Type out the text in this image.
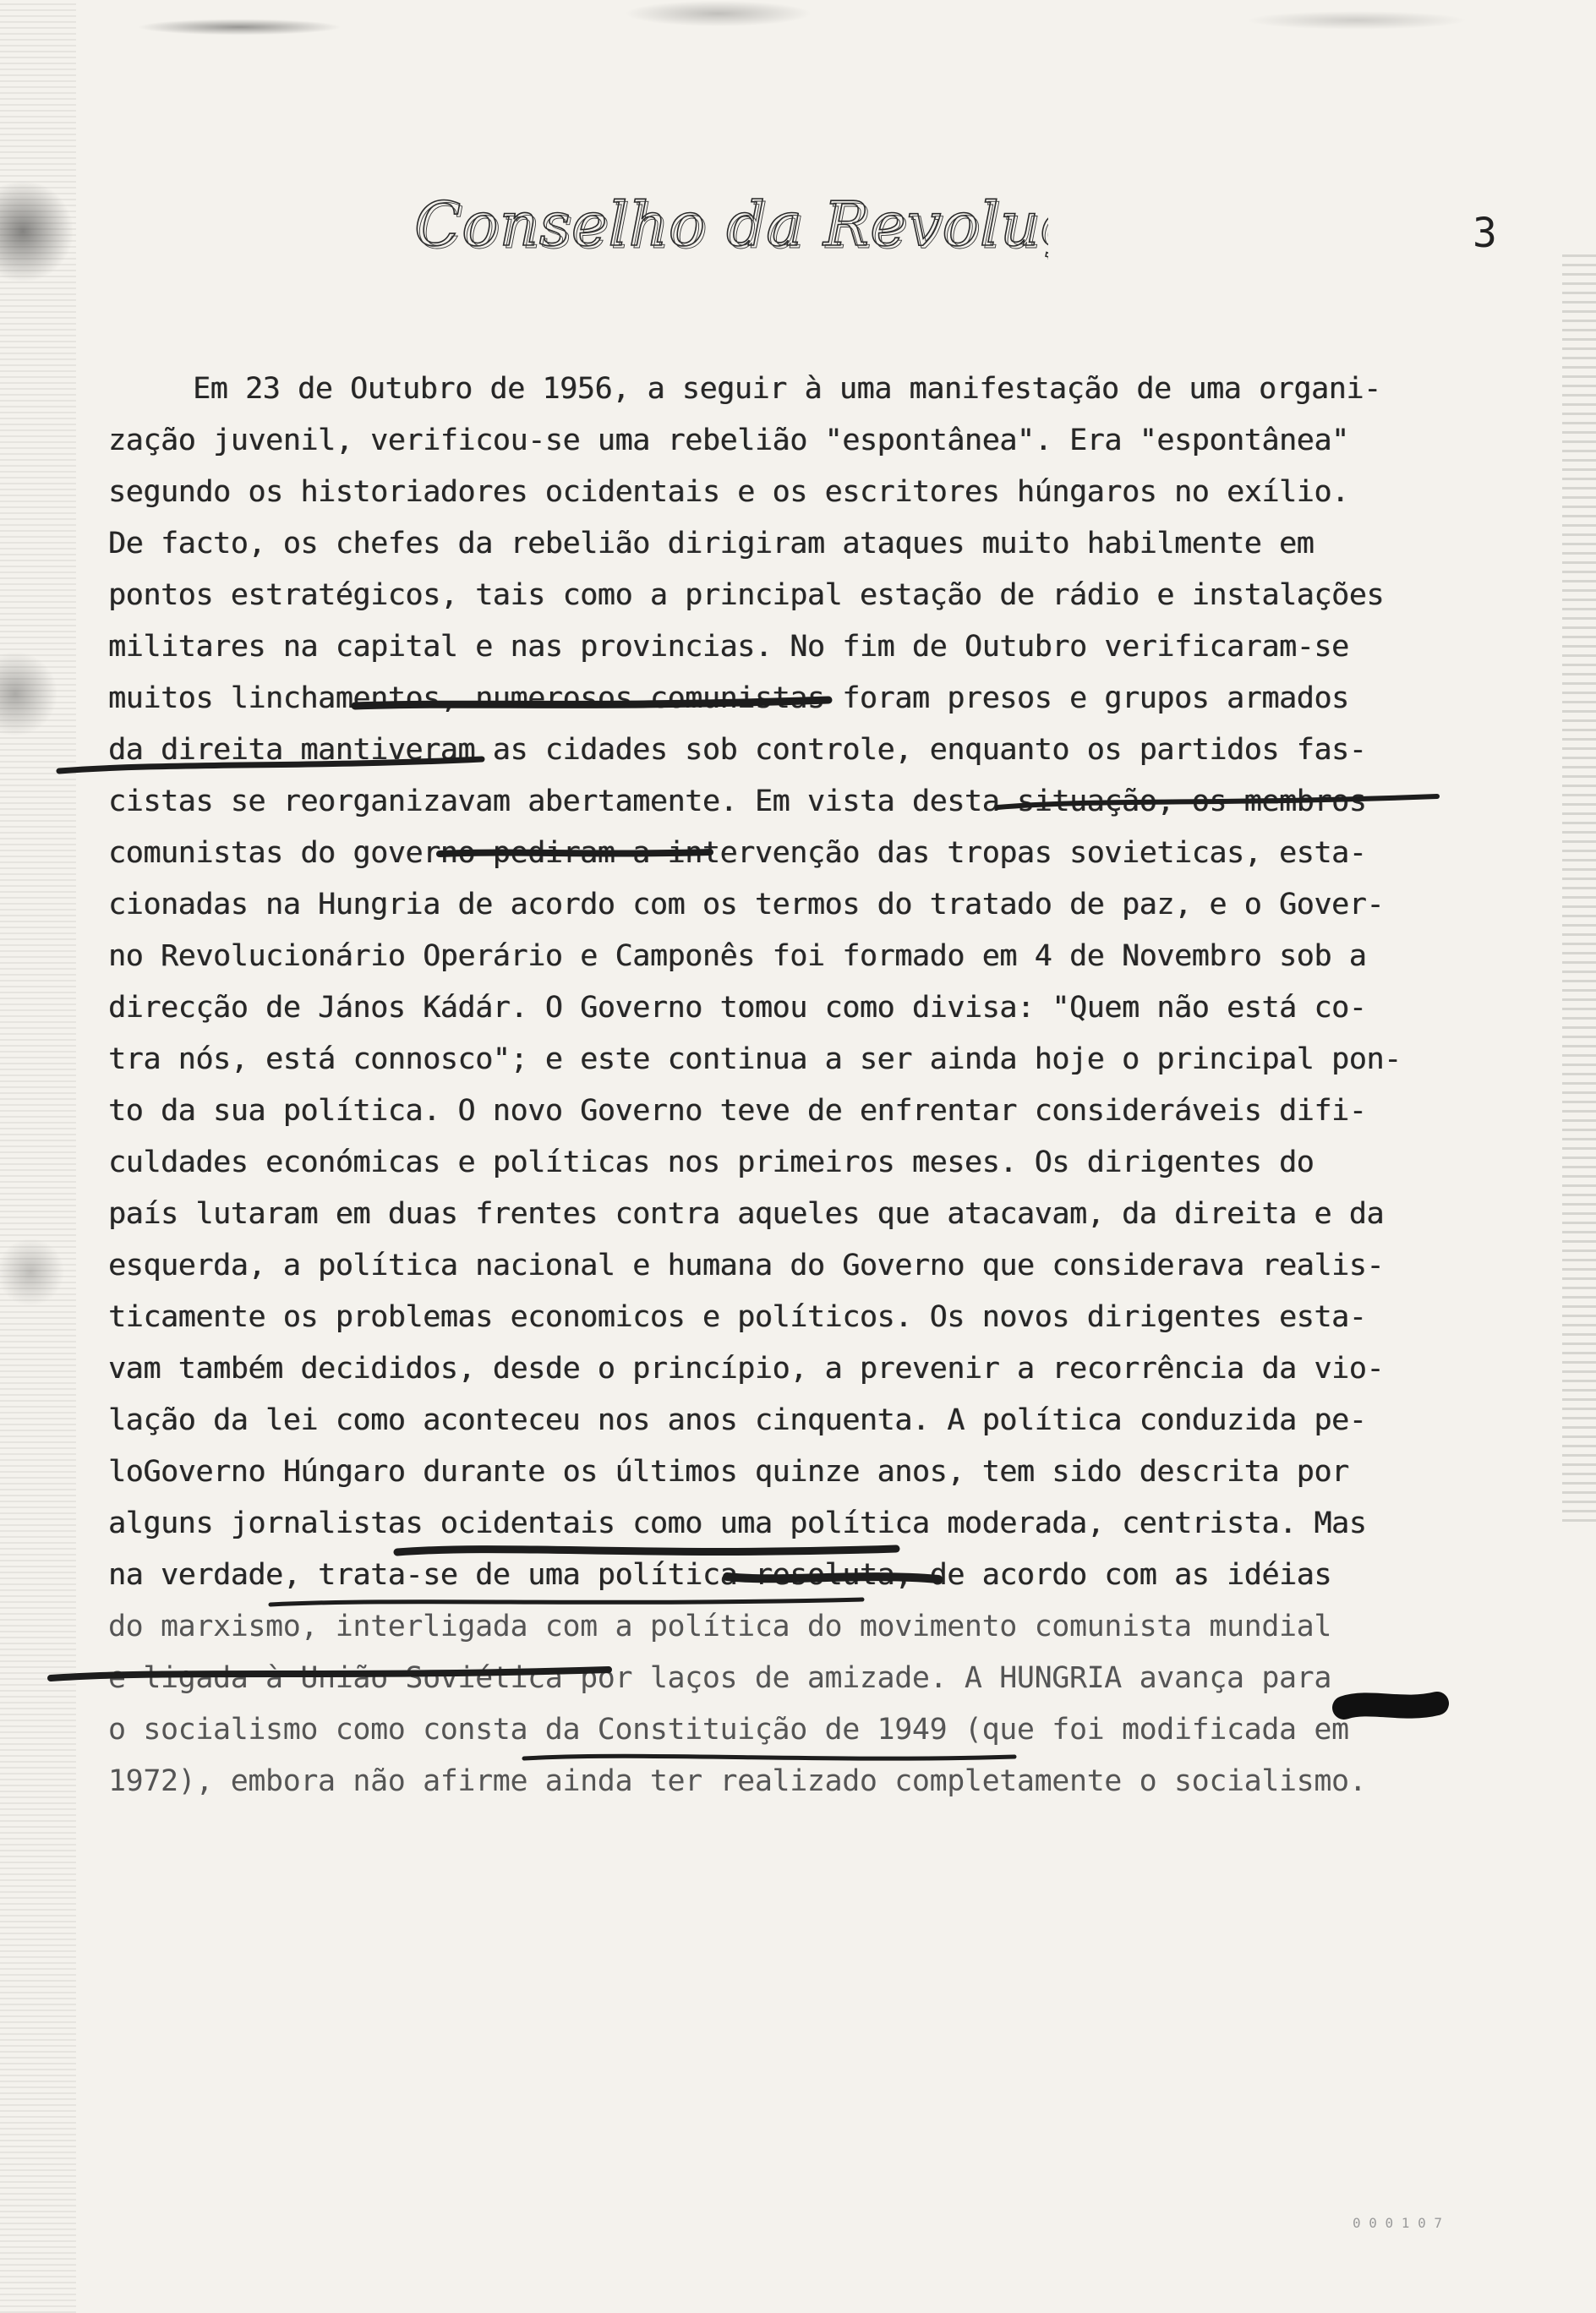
Conselho da Revolu
Conselho da Revolu	3
Em 23 de Outubro de 1956, a seguir à uma manifestação de uma organi-
zação juvenil, verificou-se uma rebelião "espontânea". Era "espontânea"
segundo os historiadores ocidentais e os escritores húngaros no exílio.
De facto, os chefes da rebelião dirigiram ataques muito habilmente em
pontos estratégicos, tais como a principal estação de rádio e instalações
militares na capital e nas provincias. No fim de Outubro verificaram-se
muitos linchamentos, numerosos comunistas foram presos e grupos armados
da direita mantiveram as cidades sob controle, enquanto os partidos fas-
cistas se reorganizavam abertamente. Em vista desta situação, os membros
comunistas do governo pediram a intervenção das tropas sovieticas, esta-
cionadas na Hungria de acordo com os termos do tratado de paz, e o Gover-
no Revolucionário Operário e Camponês foi formado em 4 de Novembro sob a
direcção de János Kádár. O Governo tomou como divisa: "Quem não está co-
tra nós, está connosco"; e este continua a ser ainda hoje o principal pon-
to da sua política. O novo Governo teve de enfrentar consideráveis difi-
culdades económicas e políticas nos primeiros meses. Os dirigentes do
país lutaram em duas frentes contra aqueles que atacavam, da direita e da
esquerda, a política nacional e humana do Governo que considerava realis-
ticamente os problemas economicos e políticos. Os novos dirigentes esta-
vam também decididos, desde o princípio, a prevenir a recorrência da vio-
lação da lei como aconteceu nos anos cinquenta. A política conduzida pe-
loGoverno Húngaro durante os últimos quinze anos, tem sido descrita por
alguns jornalistas ocidentais como uma política moderada, centrista. Mas
na verdade, trata-se de uma política resoluta, de acordo com as idéias
do marxismo, interligada com a política do movimento comunista mundial
e ligada à União Soviética por laços de amizade. A HUNGRIA avança para
o socialismo como consta da Constituição de 1949 (que foi modificada em
1972), embora não afirme ainda ter realizado completamente o socialismo.
0 0 0 1 0 7
